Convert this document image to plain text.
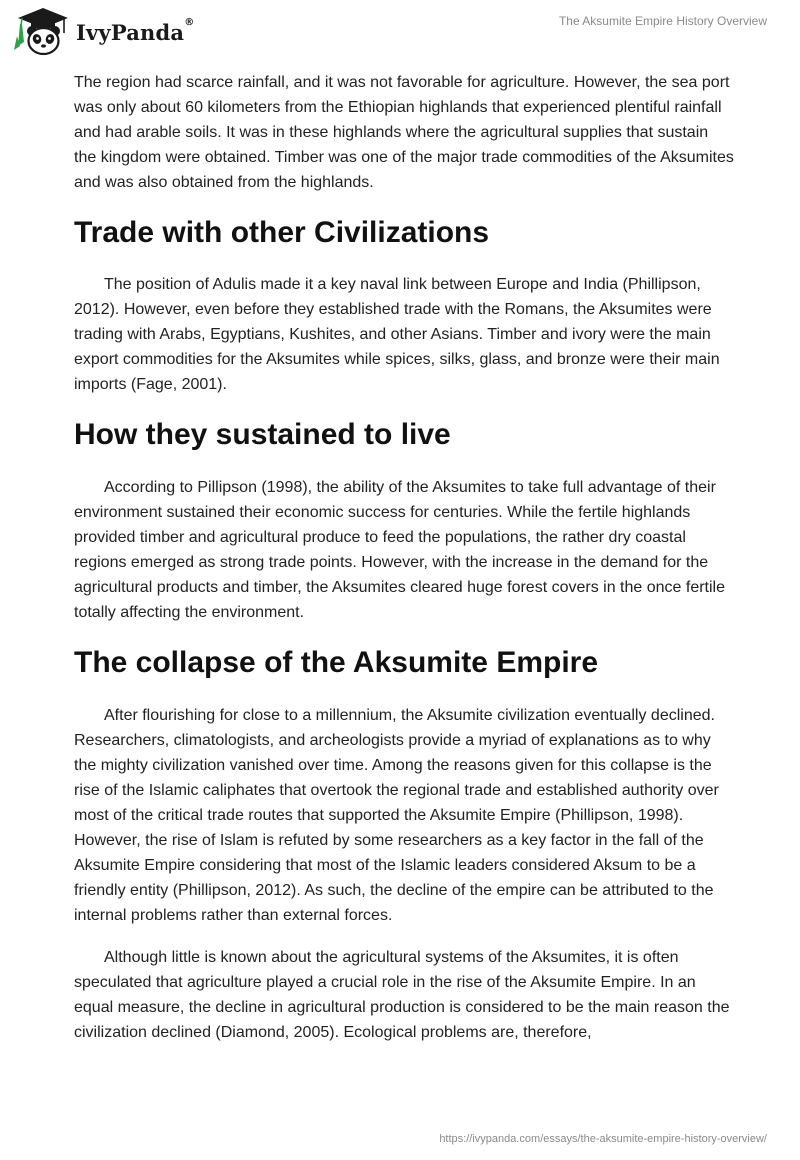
IvyPanda®	The Aksumite Empire History Overview

The region had scarce rainfall, and it was not favorable for agriculture. However, the sea port was only about 60 kilometers from the Ethiopian highlands that experienced plentiful rainfall and had arable soils. It was in these highlands where the agricultural supplies that sustain the kingdom were obtained. Timber was one of the major trade commodities of the Aksumites and was also obtained from the highlands.

Trade with other Civilizations

The position of Adulis made it a key naval link between Europe and India (Phillipson, 2012). However, even before they established trade with the Romans, the Aksumites were trading with Arabs, Egyptians, Kushites, and other Asians. Timber and ivory were the main export commodities for the Aksumites while spices, silks, glass, and bronze were their main imports (Fage, 2001).

How they sustained to live

According to Pillipson (1998), the ability of the Aksumites to take full advantage of their environment sustained their economic success for centuries. While the fertile highlands provided timber and agricultural produce to feed the populations, the rather dry coastal regions emerged as strong trade points. However, with the increase in the demand for the agricultural products and timber, the Aksumites cleared huge forest covers in the once fertile totally affecting the environment.

The collapse of the Aksumite Empire

After flourishing for close to a millennium, the Aksumite civilization eventually declined. Researchers, climatologists, and archeologists provide a myriad of explanations as to why the mighty civilization vanished over time. Among the reasons given for this collapse is the rise of the Islamic caliphates that overtook the regional trade and established authority over most of the critical trade routes that supported the Aksumite Empire (Phillipson, 1998). However, the rise of Islam is refuted by some researchers as a key factor in the fall of the Aksumite Empire considering that most of the Islamic leaders considered Aksum to be a friendly entity (Phillipson, 2012). As such, the decline of the empire can be attributed to the internal problems rather than external forces.

Although little is known about the agricultural systems of the Aksumites, it is often speculated that agriculture played a crucial role in the rise of the Aksumite Empire. In an equal measure, the decline in agricultural production is considered to be the main reason the civilization declined (Diamond, 2005). Ecological problems are, therefore,

https://ivypanda.com/essays/the-aksumite-empire-history-overview/
